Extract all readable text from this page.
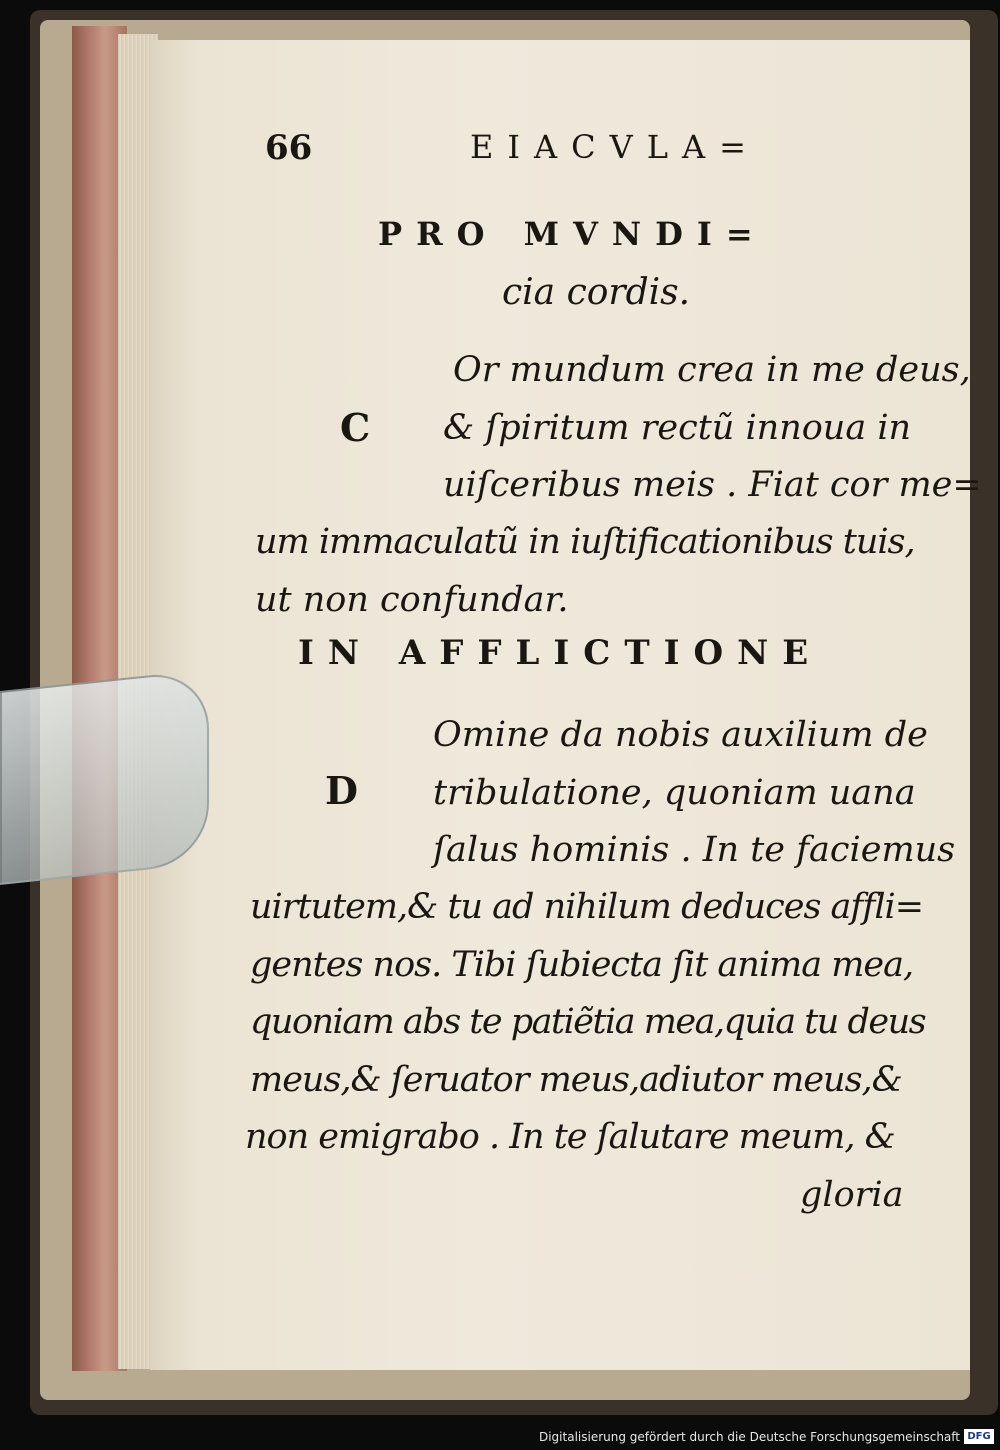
66	EIACVLA=
PRO MVNDI=
cia cordis.
C
Or mundum crea in me deus,
& ſpiritum rectũ innoua in
uiſceribus meis . Fiat cor me=
um immaculatũ in iuſtificationibus tuis,
ut non confundar.
IN AFFLICTIONE
D
Omine da nobis auxilium de
tribulatione, quoniam uana
ſalus hominis . In te faciemus
uirtutem,& tu ad nihilum deduces affli=
gentes nos. Tibi ſubiecta ſit anima mea,
quoniam abs te patiẽtia mea,quia tu deus
meus,& ſeruator meus,adiutor meus,&
non emigrabo . In te ſalutare meum, &
gloria
Digitalisierung gefördert durch die Deutsche Forschungsgemeinschaft DFG
